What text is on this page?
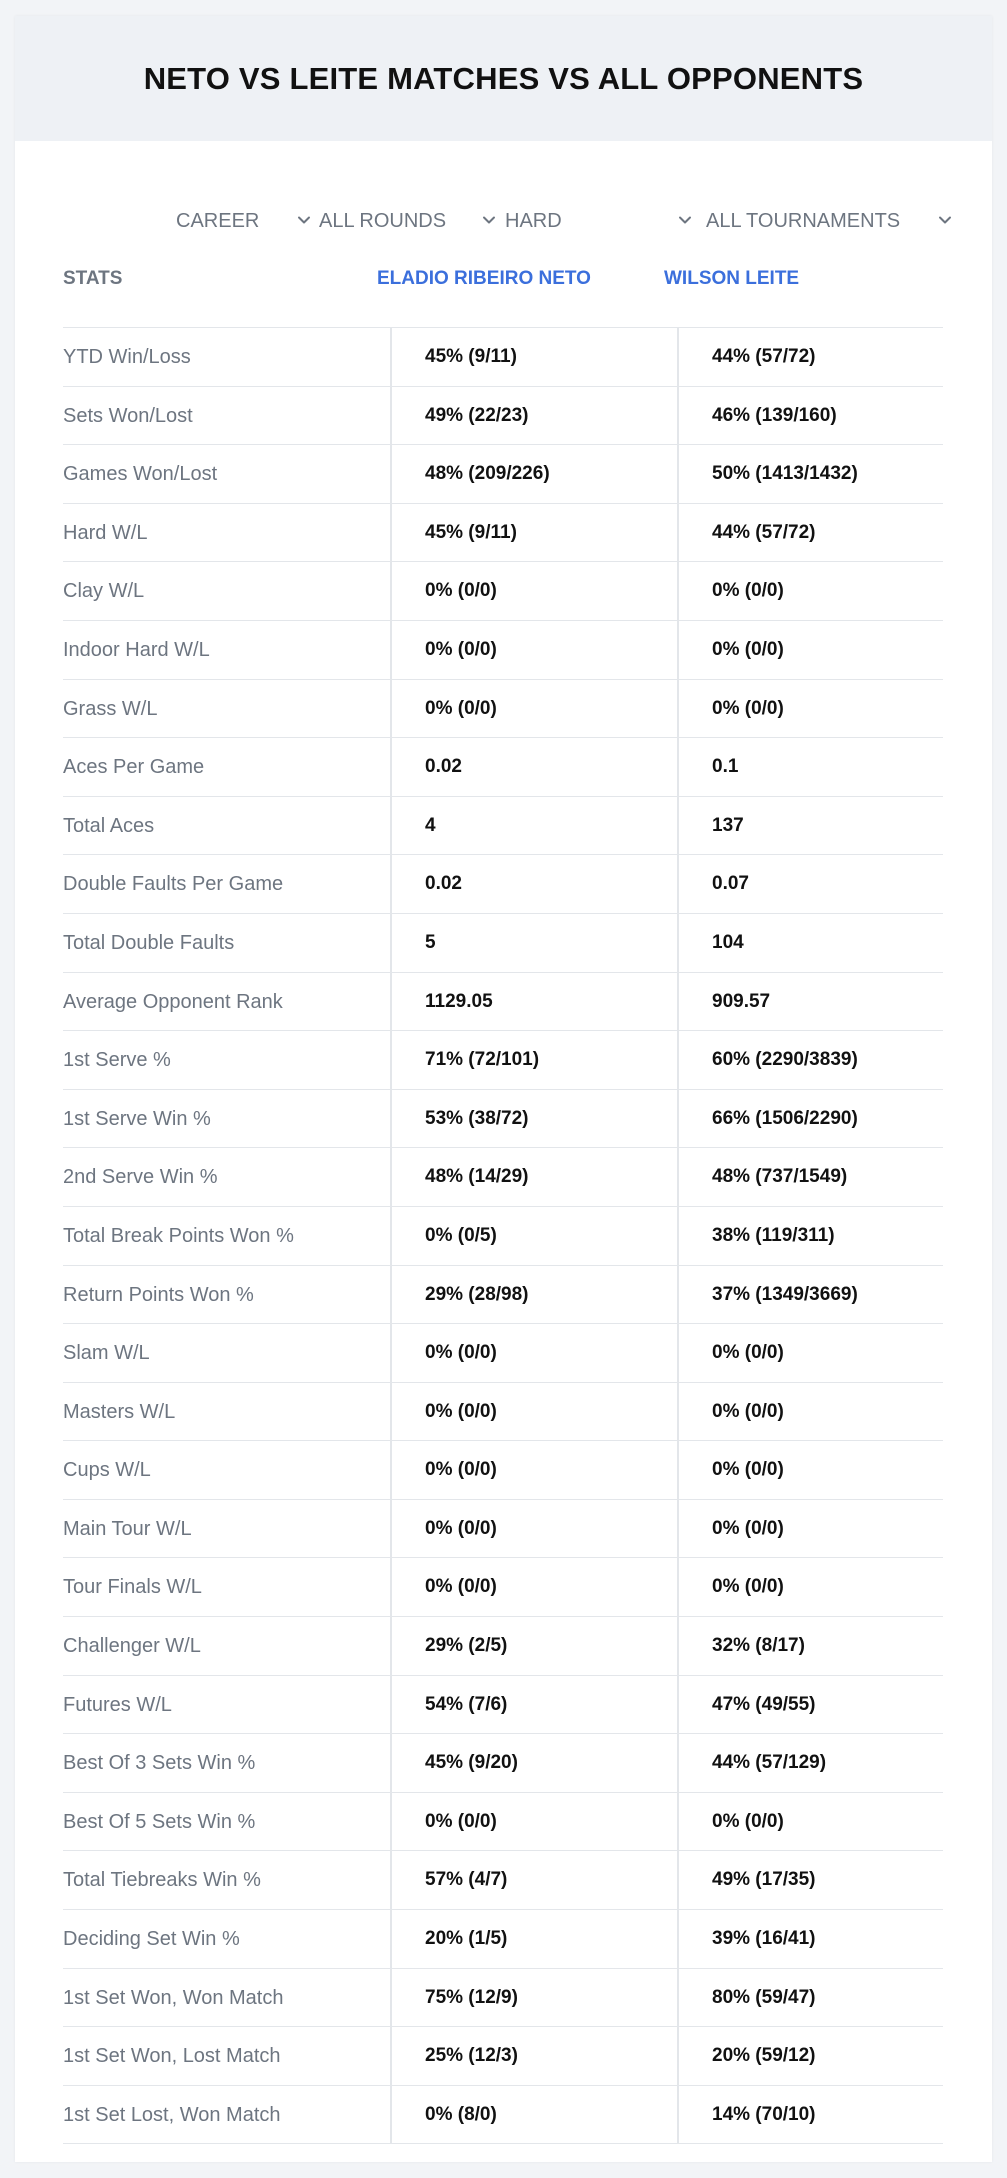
NETO VS LEITE MATCHES VS ALL OPPONENTS
CAREER	ALL ROUNDS	HARD	ALL TOURNAMENTS
STATS	ELADIO RIBEIRO NETO	WILSON LEITE
YTD Win/Loss	45% (9/11)	44% (57/72)
Sets Won/Lost	49% (22/23)	46% (139/160)
Games Won/Lost	48% (209/226)	50% (1413/1432)
Hard W/L	45% (9/11)	44% (57/72)
Clay W/L	0% (0/0)	0% (0/0)
Indoor Hard W/L	0% (0/0)	0% (0/0)
Grass W/L	0% (0/0)	0% (0/0)
Aces Per Game	0.02	0.1
Total Aces	4	137
Double Faults Per Game	0.02	0.07
Total Double Faults	5	104
Average Opponent Rank	1129.05	909.57
1st Serve %	71% (72/101)	60% (2290/3839)
1st Serve Win %	53% (38/72)	66% (1506/2290)
2nd Serve Win %	48% (14/29)	48% (737/1549)
Total Break Points Won %	0% (0/5)	38% (119/311)
Return Points Won %	29% (28/98)	37% (1349/3669)
Slam W/L	0% (0/0)	0% (0/0)
Masters W/L	0% (0/0)	0% (0/0)
Cups W/L	0% (0/0)	0% (0/0)
Main Tour W/L	0% (0/0)	0% (0/0)
Tour Finals W/L	0% (0/0)	0% (0/0)
Challenger W/L	29% (2/5)	32% (8/17)
Futures W/L	54% (7/6)	47% (49/55)
Best Of 3 Sets Win %	45% (9/20)	44% (57/129)
Best Of 5 Sets Win %	0% (0/0)	0% (0/0)
Total Tiebreaks Win %	57% (4/7)	49% (17/35)
Deciding Set Win %	20% (1/5)	39% (16/41)
1st Set Won, Won Match	75% (12/9)	80% (59/47)
1st Set Won, Lost Match	25% (12/3)	20% (59/12)
1st Set Lost, Won Match	0% (8/0)	14% (70/10)
